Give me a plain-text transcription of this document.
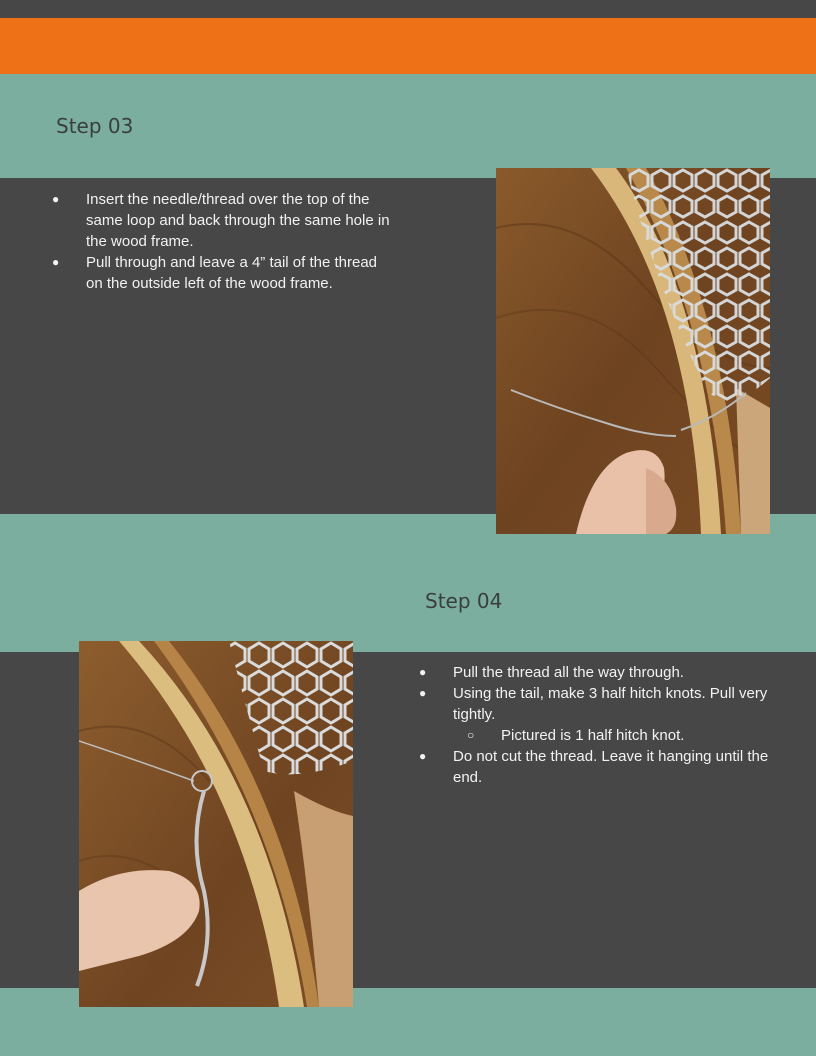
Step 03
● Insert the needle/thread over the top of the same loop and back through the same hole in the wood frame.
● Pull through and leave a 4” tail of the thread on the outside left of the wood frame.
Step 04
● Pull the thread all the way through.
● Using the tail, make 3 half hitch knots. Pull very tightly.
○ Pictured is 1 half hitch knot.
● Do not cut the thread. Leave it hanging until the end.
